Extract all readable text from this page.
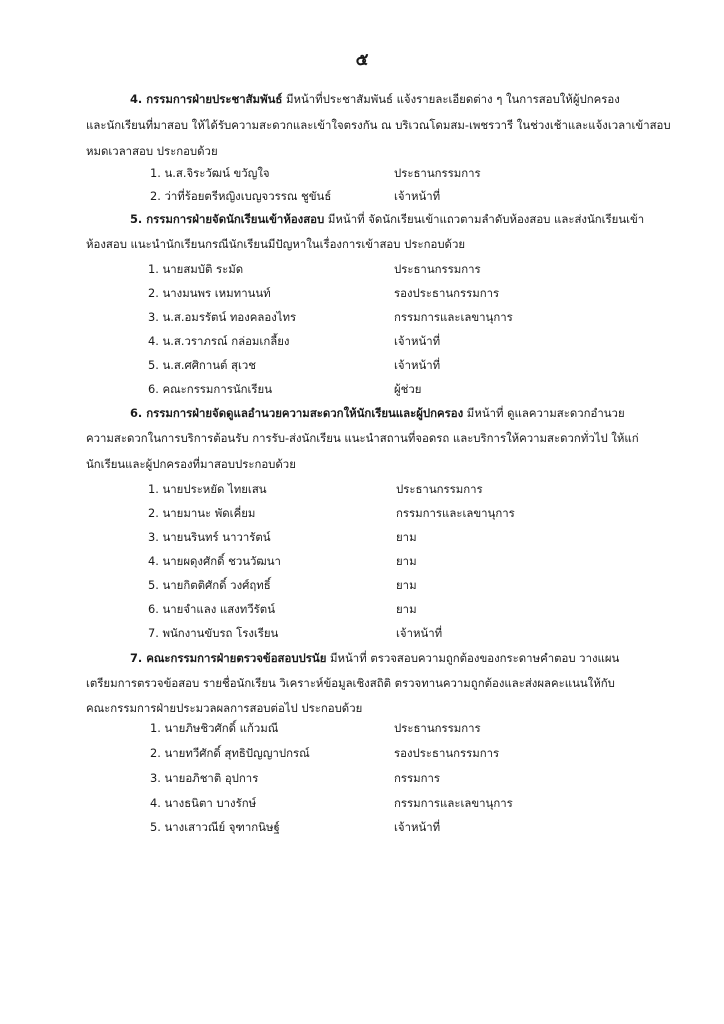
๕
4. กรรมการฝ่ายประชาสัมพันธ์ มีหน้าที่ประชาสัมพันธ์ แจ้งรายละเอียดต่าง ๆ ในการสอบให้ผู้ปกครอง
และนักเรียนที่มาสอบ ให้ได้รับความสะดวกและเข้าใจตรงกัน ณ บริเวณโดมสม-เพชรวารี ในช่วงเช้าและแจ้งเวลาเข้าสอบ
หมดเวลาสอบ ประกอบด้วย
1. น.ส.จิระวัฒน์ ขวัญใจ	ประธานกรรมการ
2. ว่าที่ร้อยตรีหญิงเบญจวรรณ ชูขันธ์	เจ้าหน้าที่
5. กรรมการฝ่ายจัดนักเรียนเข้าห้องสอบ มีหน้าที่ จัดนักเรียนเข้าแถวตามลำดับห้องสอบ และส่งนักเรียนเข้า
ห้องสอบ แนะนำนักเรียนกรณีนักเรียนมีปัญหาในเรื่องการเข้าสอบ ประกอบด้วย
1. นายสมบัติ ระมัด	ประธานกรรมการ
2. นางมนพร เหมทานนท์	รองประธานกรรมการ
3. น.ส.อมรรัตน์ ทองคลองไทร	กรรมการและเลขานุการ
4. น.ส.วราภรณ์ กล่อมเกลี้ยง	เจ้าหน้าที่
5. น.ส.ศศิกานต์ สุเวช	เจ้าหน้าที่
6. คณะกรรมการนักเรียน	ผู้ช่วย
6. กรรมการฝ่ายจัดดูแลอำนวยความสะดวกให้นักเรียนและผู้ปกครอง มีหน้าที่ ดูแลความสะดวกอำนวย
ความสะดวกในการบริการต้อนรับ การรับ-ส่งนักเรียน แนะนำสถานที่จอดรถ และบริการให้ความสะดวกทั่วไป ให้แก่
นักเรียนและผู้ปกครองที่มาสอบประกอบด้วย
1. นายประหยัด ไทยเสน	ประธานกรรมการ
2. นายมานะ พัดเคี่ยม	กรรมการและเลขานุการ
3. นายนรินทร์ นาวารัตน์	ยาม
4. นายผดุงศักดิ์ ชวนวัฒนา	ยาม
5. นายกิตติศักดิ์ วงศ์ฤทธิ์	ยาม
6. นายจำแลง แสงทวีรัตน์	ยาม
7. พนักงานขับรถ โรงเรียน	เจ้าหน้าที่
7. คณะกรรมการฝ่ายตรวจข้อสอบปรนัย มีหน้าที่ ตรวจสอบความถูกต้องของกระดาษคำตอบ วางแผน
เตรียมการตรวจข้อสอบ รายชื่อนักเรียน วิเคราะห์ข้อมูลเชิงสถิติ ตรวจทานความถูกต้องและส่งผลคะแนนให้กับ
คณะกรรมการฝ่ายประมวลผลการสอบต่อไป ประกอบด้วย
1. นายภิษชิวศักดิ์ แก้วมณี	ประธานกรรมการ
2. นายทวีศักดิ์ สุทธิปัญญาปกรณ์	รองประธานกรรมการ
3. นายอภิชาติ อุปการ	กรรมการ
4. นางธนิตา บางรักษ์	กรรมการและเลขานุการ
5. นางเสาวณีย์ จุฑากนิษฐ์	เจ้าหน้าที่
